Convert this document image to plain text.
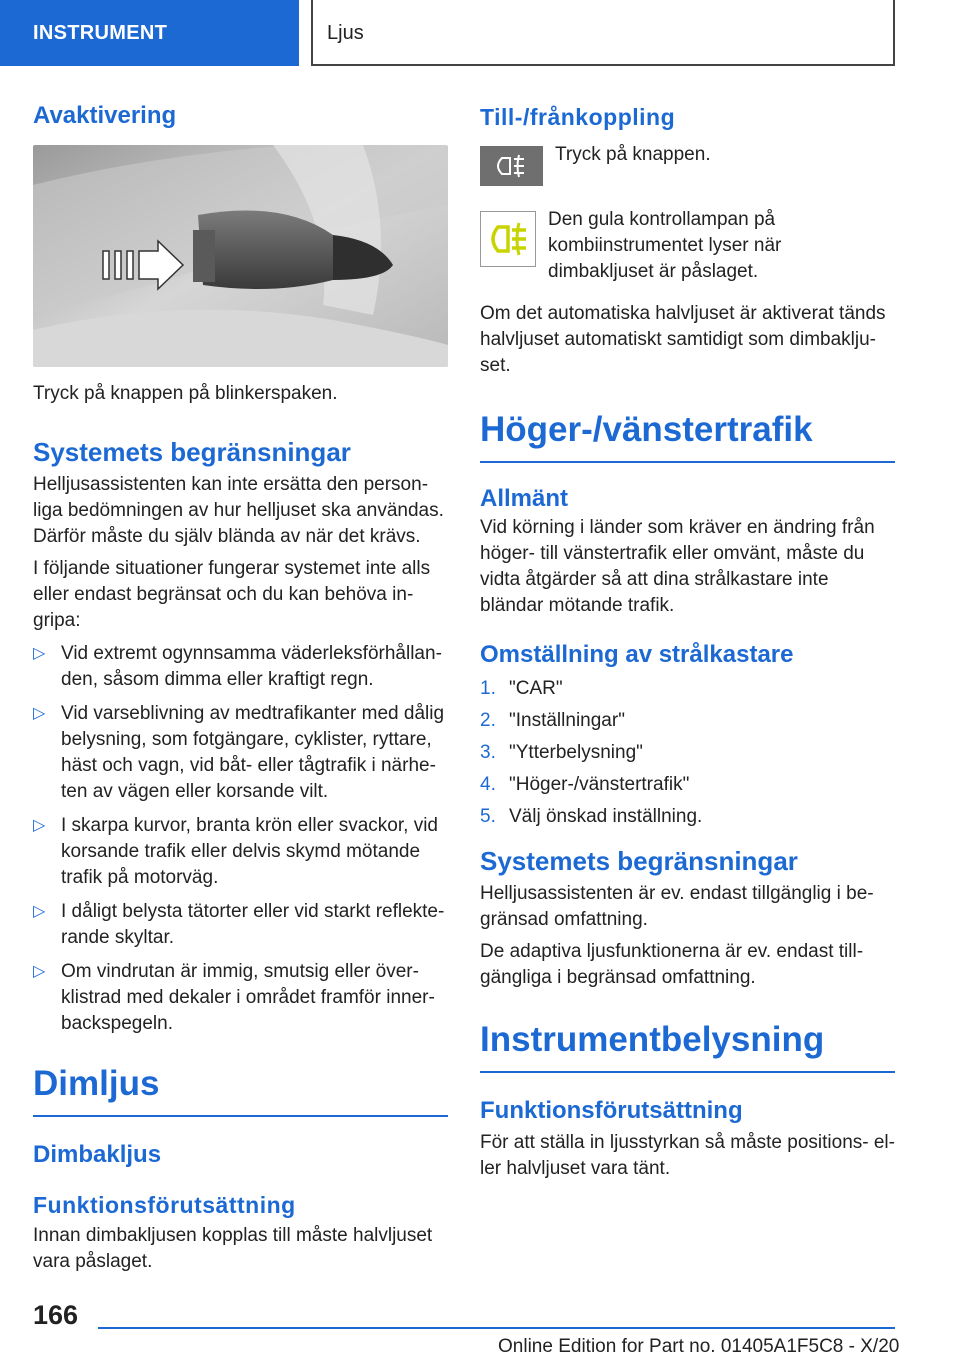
INSTRUMENT	Ljus
Avaktivering

Tryck på knappen på blinkerspaken.

Systemets begränsningar

Helljusassistenten kan inte ersätta den personliga bedömningen av hur helljuset ska användas. Därför måste du själv blända av när det krävs.

I följande situationer fungerar systemet inte alls eller endast begränsat och du kan behöva ingripa:

▷ Vid extremt ogynnsamma väderleksförhållanden, såsom dimma eller kraftigt regn.
▷ Vid varseblivning av medtrafikanter med dålig belysning, som fotgängare, cyklister, ryttare, häst och vagn, vid båt- eller tågtrafik i närheten av vägen eller korsande vilt.
▷ I skarpa kurvor, branta krön eller svackor, vid korsande trafik eller delvis skymd mötande trafik på motorväg.
▷ I dåligt belysta tätorter eller vid starkt reflekterande skyltar.
▷ Om vindrutan är immig, smutsig eller överklistrad med dekaler i området framför innerbackspegeln.
Dimljus
Dimbakljus
Funktionsförutsättning

Innan dimbakljusen kopplas till måste halvljuset vara påslaget.

Till-/frånkoppling

Tryck på knappen.

Den gula kontrollampan på kombiinstrumentet lyser när dimbakljuset är påslaget.

Om det automatiska halvljuset är aktiverat tänds halvljuset automatiskt samtidigt som dimbakljuset.

Höger-/vänstertrafik
Allmänt

Vid körning i länder som kräver en ändring från höger- till vänstertrafik eller omvänt, måste du vidta åtgärder så att dina strålkastare inte bländar mötande trafik.

Omställning av strålkastare
1. "CAR"
2. "Inställningar"
3. "Ytterbelysning"
4. "Höger-/vänstertrafik"
5. Välj önskad inställning.
Systemets begränsningar

Helljusassistenten är ev. endast tillgänglig i begränsad omfattning.

De adaptiva ljusfunktionerna är ev. endast tillgängliga i begränsad omfattning.

Instrumentbelysning
Funktionsförutsättning

För att ställa in ljusstyrkan så måste positions- eller halvljuset vara tänt.

166
Online Edition for Part no. 01405A1F5C8 - X/20
